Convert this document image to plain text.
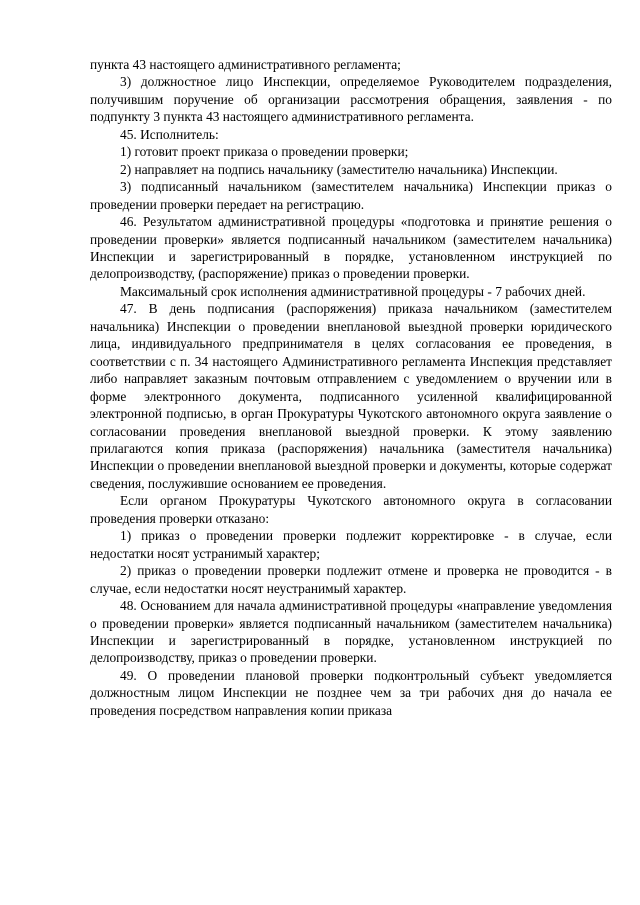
пункта 43 настоящего административного регламента;

3) должностное лицо Инспекции, определяемое Руководителем подразделения, получившим поручение об организации рассмотрения обращения, заявления - по подпункту 3 пункта 43 настоящего административного регламента.

45. Исполнитель:

1) готовит проект приказа о проведении проверки;

2) направляет на подпись начальнику (заместителю начальника) Инспекции.

3) подписанный начальником (заместителем начальника) Инспекции приказ о проведении проверки передает на регистрацию.

46. Результатом административной процедуры «подготовка и принятие решения о проведении проверки» является подписанный начальником (заместителем начальника) Инспекции и зарегистрированный в порядке, установленном инструкцией по делопроизводству, (распоряжение) приказ о проведении проверки.

Максимальный срок исполнения административной процедуры - 7 рабочих дней.

47. В день подписания (распоряжения) приказа начальником (заместителем начальника) Инспекции о проведении внеплановой выездной проверки юридического лица, индивидуального предпринимателя в целях согласования ее проведения, в соответствии с п. 34 настоящего Административного регламента Инспекция представляет либо направляет заказным почтовым отправлением с уведомлением о вручении или в форме электронного документа, подписанного усиленной квалифицированной электронной подписью, в орган Прокуратуры Чукотского автономного округа заявление о согласовании проведения внеплановой выездной проверки. К этому заявлению прилагаются копия приказа (распоряжения) начальника (заместителя начальника) Инспекции о проведении внеплановой выездной проверки и документы, которые содержат сведения, послужившие основанием ее проведения.

Если органом Прокуратуры Чукотского автономного округа в согласовании проведения проверки отказано:

1) приказ о проведении проверки подлежит корректировке - в случае, если недостатки носят устранимый характер;

2) приказ о проведении проверки подлежит отмене и проверка не проводится - в случае, если недостатки носят неустранимый характер.

48. Основанием для начала административной процедуры «направление уведомления о проведении проверки» является подписанный начальником (заместителем начальника) Инспекции и зарегистрированный в порядке, установленном инструкцией по делопроизводству, приказ о проведении проверки.

49. О проведении плановой проверки подконтрольный субъект уведомляется должностным лицом Инспекции не позднее чем за три рабочих дня до начала ее проведения посредством направления копии приказа
